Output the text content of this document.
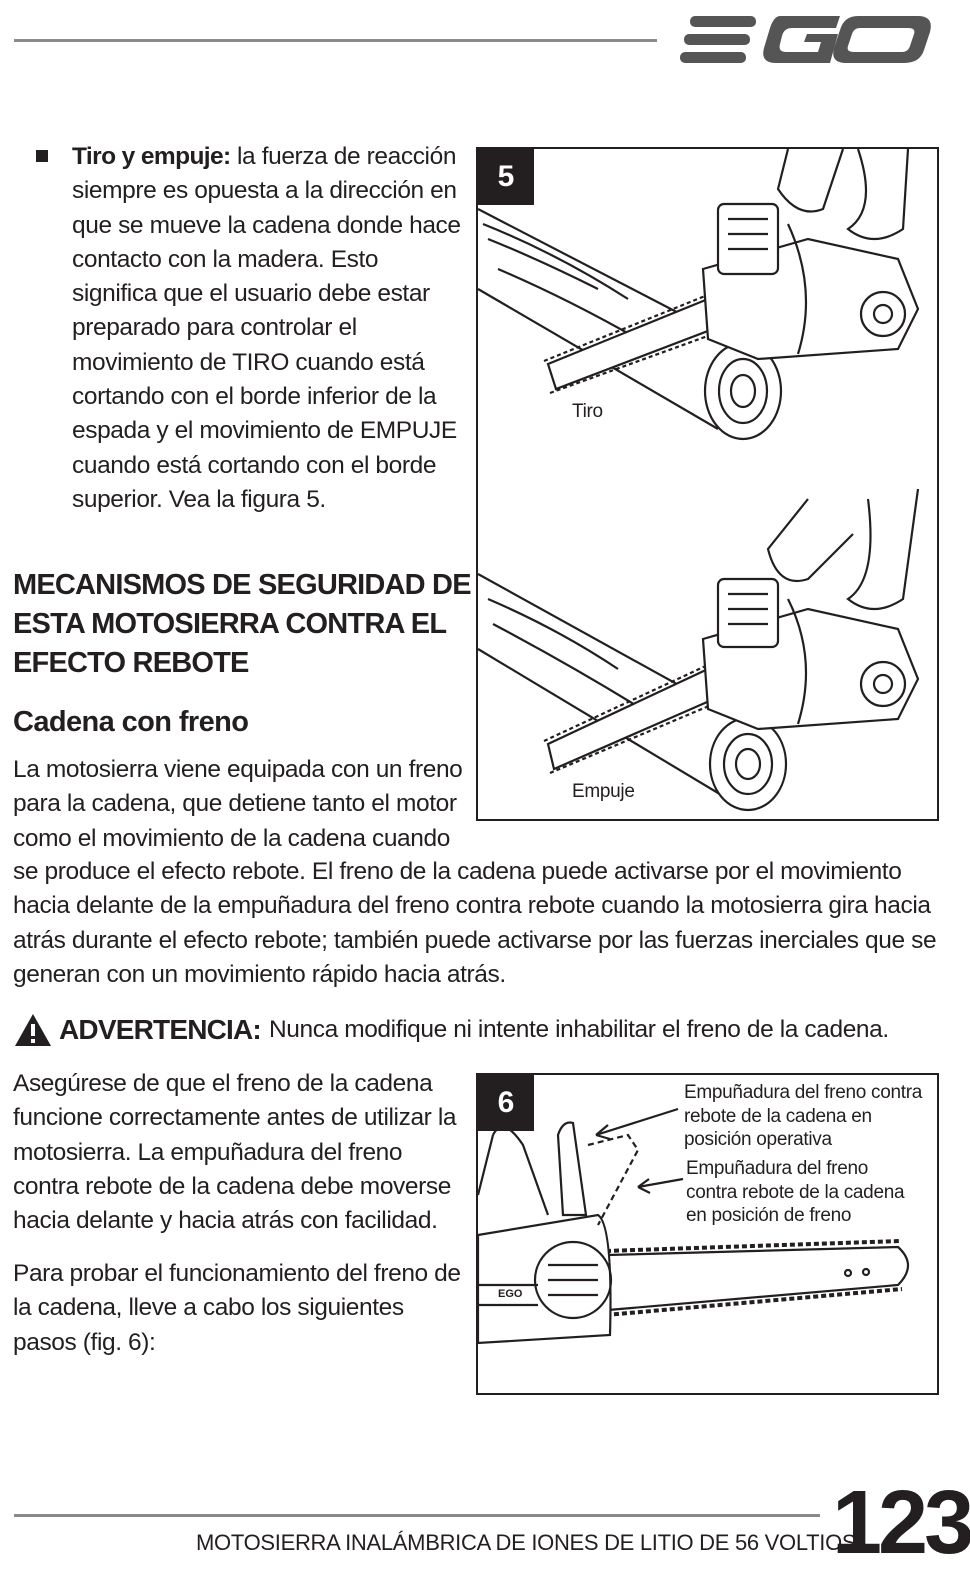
Tiro y empuje: la fuerza de reacción siempre es opuesta a la dirección en que se mueve la cadena donde hace contacto con la madera. Esto significa que el usuario debe estar preparado para controlar el movimiento de TIRO cuando está cortando con el borde inferior de la espada y el movimiento de EMPUJE cuando está cortando con el borde superior. Vea la figura 5.
MECANISMOS DE SEGURIDAD DE ESTA MOTOSIERRA CONTRA EL EFECTO REBOTE
Cadena con freno
La motosierra viene equipada con un freno para la cadena, que detiene tanto el motor como el movimiento de la cadena cuando
se produce el efecto rebote. El freno de la cadena puede activarse por el movimiento hacia delante de la empuñadura del freno contra rebote cuando la motosierra gira hacia atrás durante el efecto rebote; también puede activarse por las fuerzas inerciales que se generan con un movimiento rápido hacia atrás.
ADVERTENCIA: Nunca modifique ni intente inhabilitar el freno de la cadena.
Asegúrese de que el freno de la cadena funcione correctamente antes de utilizar la motosierra. La empuñadura del freno contra rebote de la cadena debe moverse hacia delante y hacia atrás con facilidad.
Para probar el funcionamiento del freno de la cadena, lleve a cabo los siguientes pasos (fig. 6):
5
Tiro
Empuje
EGO
6	Empuñadura del freno contra
rebote de la cadena en
posición operativa
Empuñadura del freno
contra rebote de la cadena
en posición de freno
MOTOSIERRA INALÁMBRICA DE IONES DE LITIO DE 56 VOLTIOS
123
